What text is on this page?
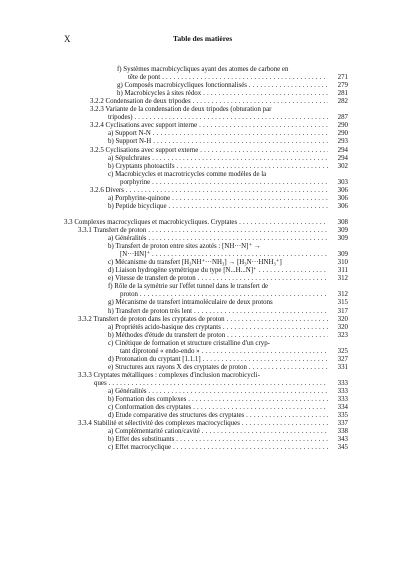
X	Table des matières
f) Systèmes macrobicycliques ayant des atomes de carbone en
tête de pont . . .	271
g) Composés macrobicycliques fonctionnalisés . . .	279
h) Macrobicycles à sites rédox . . .	281
3.2.2 Condensation de deux tripodes . . .	282
3.2.3 Variante de la condensation de deux tripodes (obturation par
tripodes) . . .	287
3.2.4 Cyclisations avec support interne . . .	290
a) Support N-N . . .	290
b) Support N-H . . .	293
3.2.5 Cyclisations avec support externe . . .	294
a) Sépulchrates . . .	294
b) Cryptants photoactifs . . .	302
c) Macrobicycles et macrotricycles comme modèles de la
porphyrine . . .	303
3.2.6 Divers . . .	306
a) Porphyrine-quinone . . .	306
b) Peptide bicyclique . . .	306
3.3 Complexes macrocycliques et macrobicycliques. Cryptates . . .	308
3.3.1 Transfert de proton . . .	309
a) Généralités . . .	309
b) Transfert de proton entre sites azotés : [NH···N]⁺ →
[N···HN]⁺ . . .	309
c) Mécanisme du transfert [H₃NH⁺···NH₃] → [H₃N···HNH₃⁺]	310
d) Liaison hydrogène symétrique du type [N...H...N]⁺ . . .	311
e) Vitesse de transfert de proton . . .	312
f) Rôle de la symétrie sur l'effet tunnel dans le transfert de
proton . . .	312
g) Mécanisme de transfert intramoléculaire de deux protons	315
h) Transfert de proton très lent . . .	317
3.3.2 Transfert de proton dans les cryptates de proton . . .	320
a) Propriétés acido-basique des cryptants . . .	320
b) Méthodes d'étude du transfert de proton . . .	323
c) Cinétique de formation et structure cristalline d'un cryp-
tant diprotoné « endo-endo » . . .	325
d) Protonation du cryptant [1.1.1] . . .	327
e) Structures aux rayons X des cryptates de proton . . .	331
3.3.3 Cryptates métalliques : complexes d'inclusion macrobicycli-
ques . . .	333
a) Généralités . . .	333
b) Formation des complexes . . .	333
c) Conformation des cryptates . . .	334
d) Étude comparative des structures des cryptates . . .	335
3.3.4 Stabilité et sélectivité des complexes macrocycliques . . .	337
a) Complémentarité cation/cavité . . .	338
b) Effet des substituants . . .	343
c) Effet macrocyclique . . .	345
